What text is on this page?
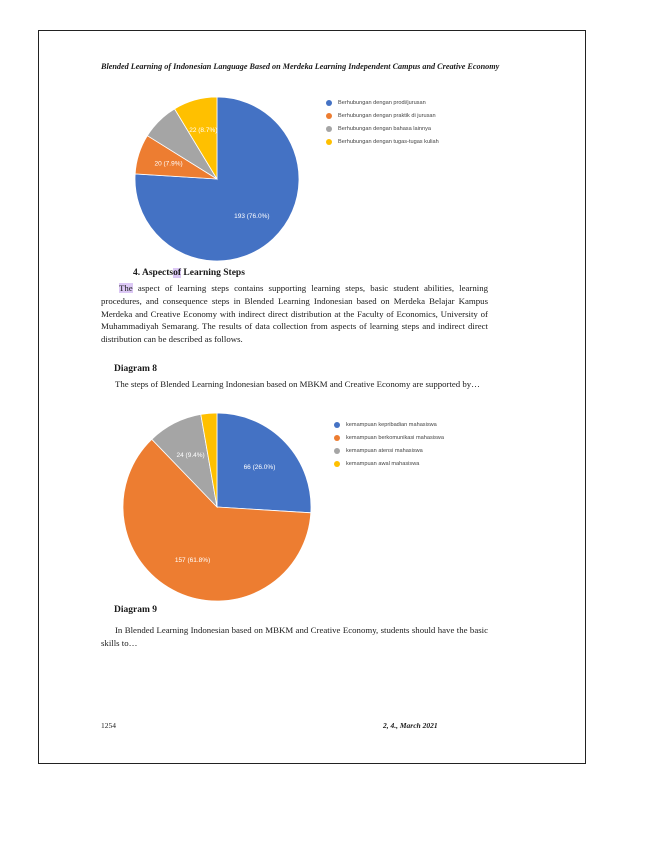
Blended Learning of Indonesian Language Based on Merdeka Learning Independent Campus and Creative Economy
193 (76.0%)
20 (7.9%)
22 (8.7%)
Berhubungan dengan prodi/jurusan
Berhubungan dengan praktik di jurusan
Berhubungan dengan bahasa lainnya
Berhubungan dengan tugas-tugas kuliah
4. Aspectsof Learning Steps
The aspect of learning steps contains supporting learning steps, basic student abilities, learning procedures, and consequence steps in Blended Learning Indonesian based on Merdeka Belajar Kampus Merdeka and Creative Economy with indirect direct distribution at the Faculty of Economics, University of Muhammadiyah Semarang. The results of data collection from aspects of learning steps and indirect direct distribution can be described as follows.
Diagram 8
The steps of Blended Learning Indonesian based on MBKM and Creative Economy are supported by…
66 (26.0%)
157 (61.8%)
24 (9.4%)
kemampuan kepribadian mahasiswa
kemampuan berkomunikasi mahasiswa
kemampuan atensi mahasiswa
kemampuan awal mahasiswa
Diagram 9
In Blended Learning Indonesian based on MBKM and Creative Economy, students should have the basic skills to…
1254	2, 4., March 2021
